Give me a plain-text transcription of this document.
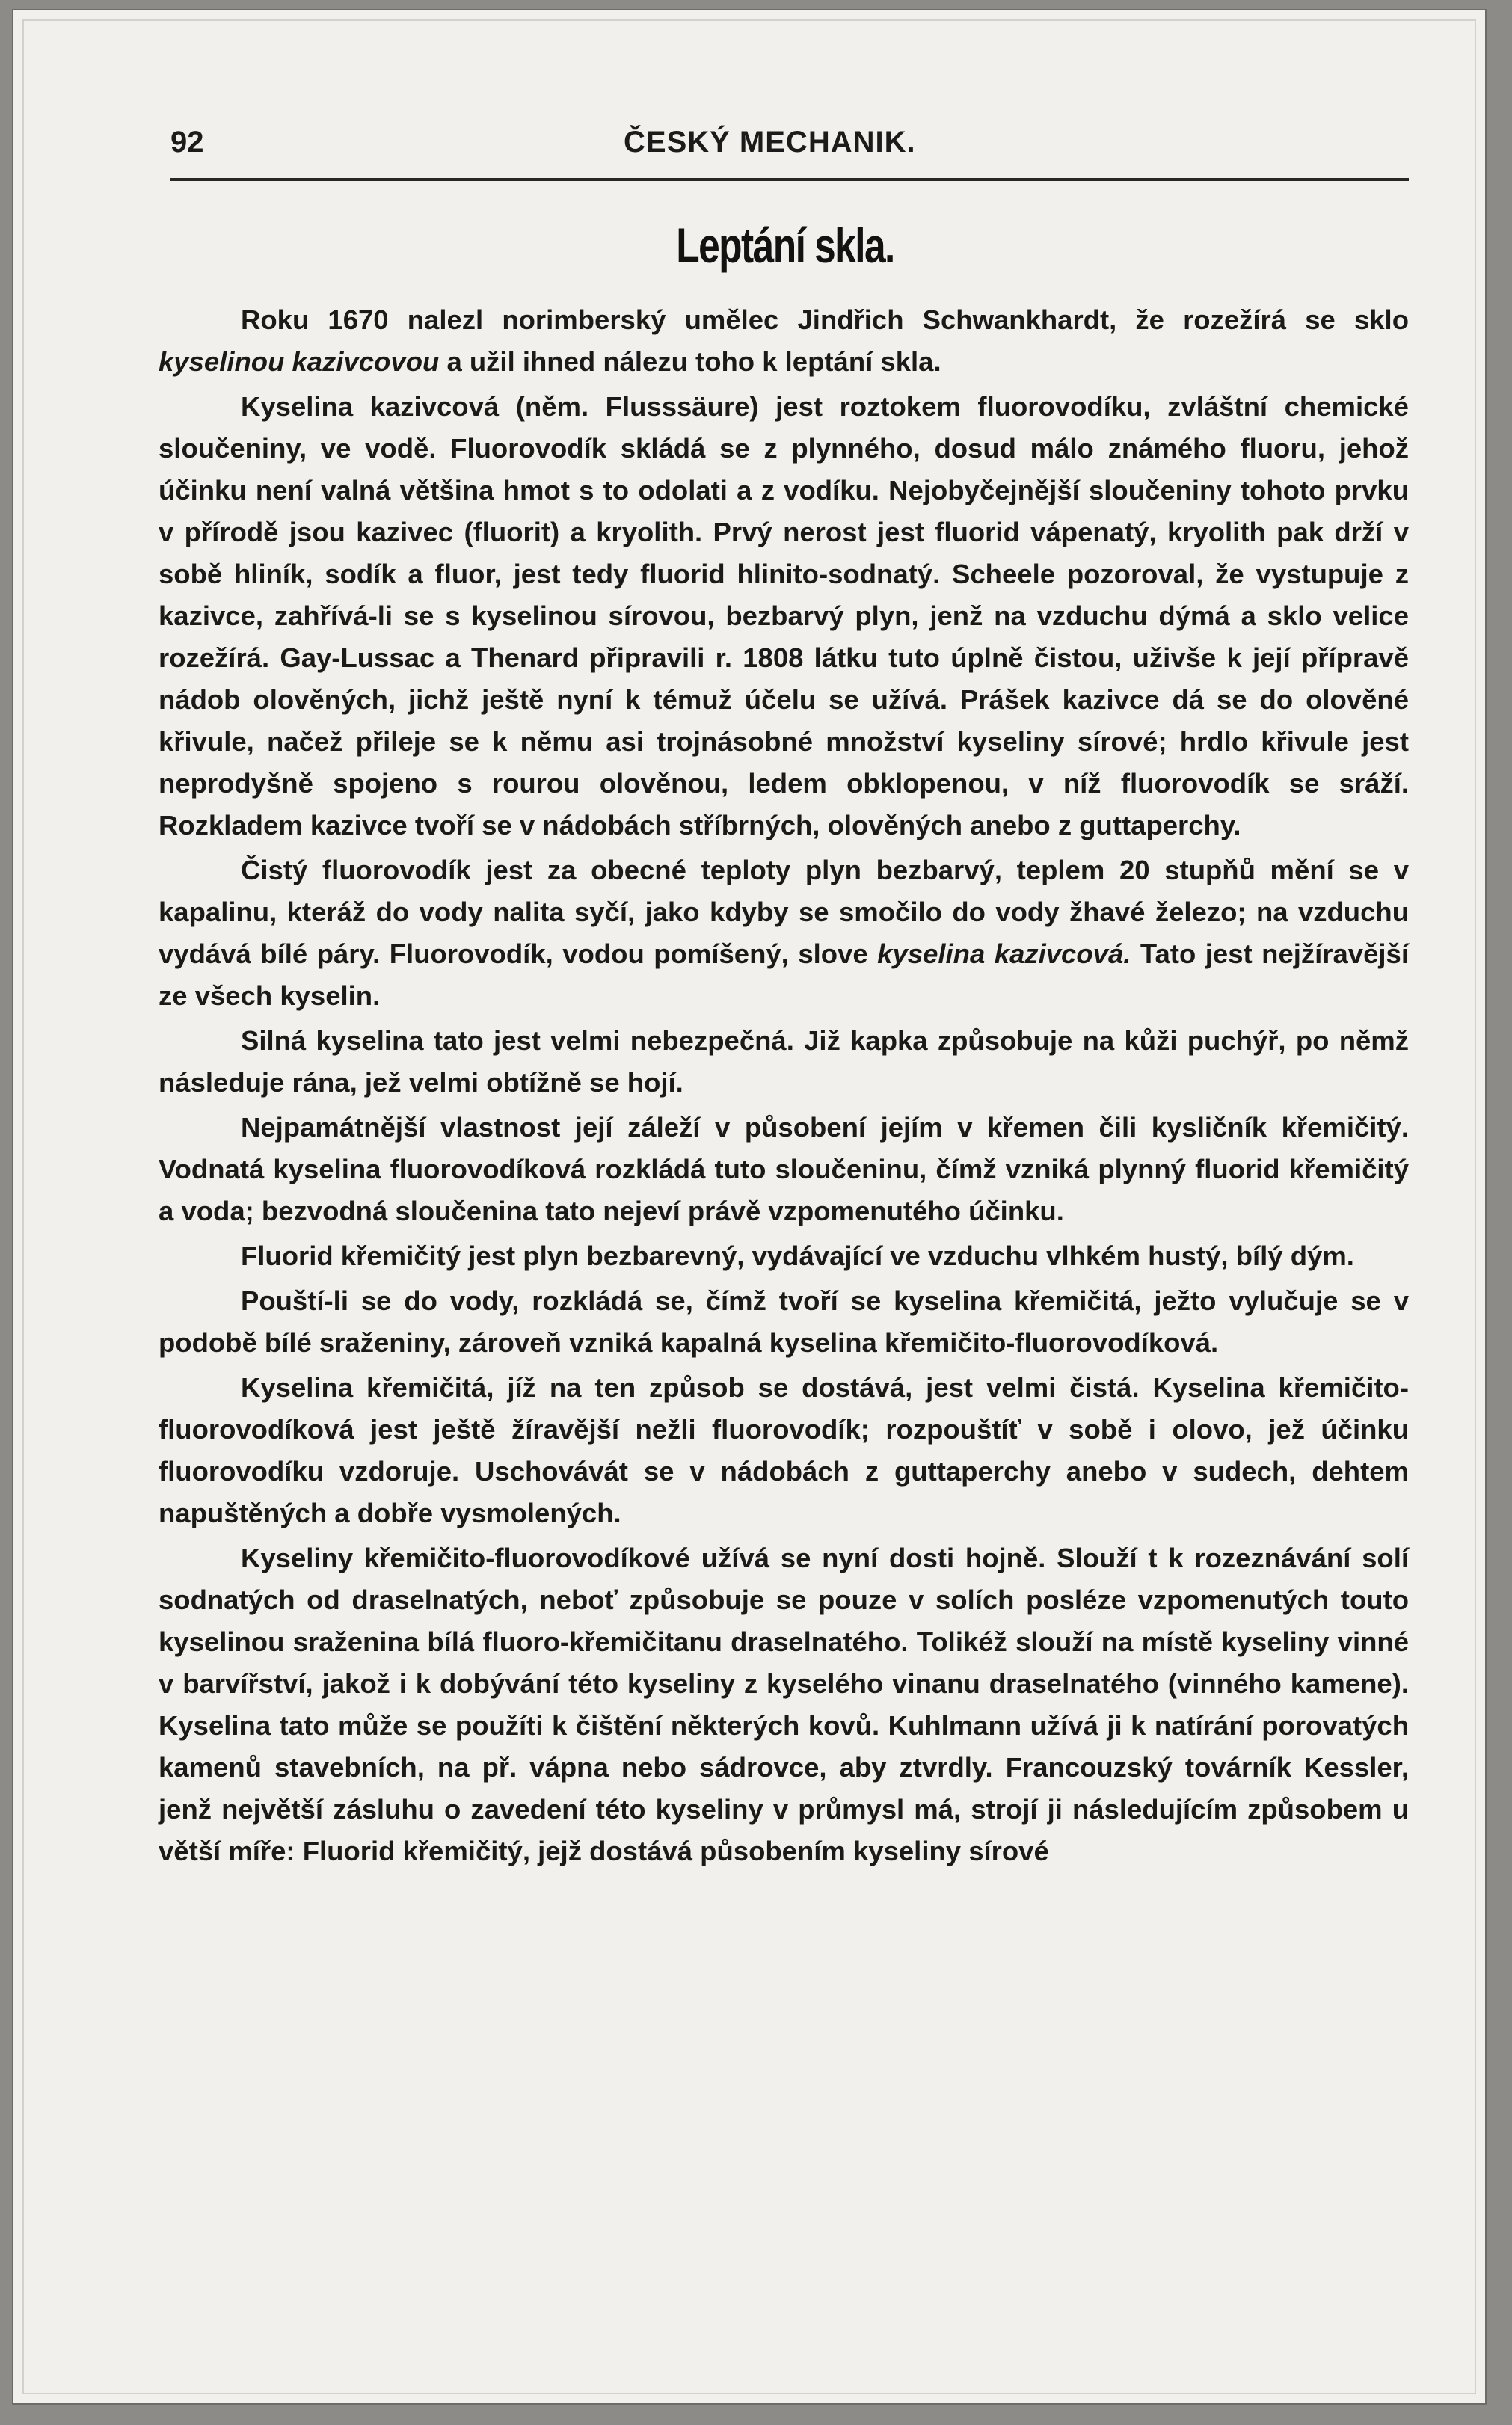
92	ČESKÝ MECHANIK.
Leptání skla.

Roku 1670 nalezl norimberský umělec Jindřich Schwankhardt, že rozežírá se sklo kyselinou kazivcovou a užil ihned nálezu toho k leptání skla.

Kyselina kazivcová (něm. Flusssäure) jest roztokem fluorovodíku, zvláštní chemické sloučeniny, ve vodě. Fluorovodík skládá se z plynného, dosud málo známého fluoru, jehož účinku není valná většina hmot s to odolati a z vodíku. Nejobyčejnější sloučeniny tohoto prvku v přírodě jsou kazivec (fluorit) a kryolith. Prvý nerost jest fluorid vápenatý, kryolith pak drží v sobě hliník, sodík a fluor, jest tedy fluorid hlinito-sodnatý. Scheele pozoroval, že vystupuje z kazivce, zahřívá-li se s kyselinou sírovou, bezbarvý plyn, jenž na vzduchu dýmá a sklo velice rozežírá. Gay-Lussac a Thenard připravili r. 1808 látku tuto úplně čistou, uživše k její přípravě nádob olověných, jichž ještě nyní k témuž účelu se užívá. Prášek kazivce dá se do olověné křivule, načež přileje se k němu asi trojnásobné množství kyseliny sírové; hrdlo křivule jest neprodyšně spojeno s rourou olověnou, ledem obklopenou, v níž fluorovodík se sráží. Rozkladem kazivce tvoří se v nádobách stříbrných, olověných anebo z guttaperchy.

Čistý fluorovodík jest za obecné teploty plyn bezbarvý, teplem 20 stupňů mění se v kapalinu, kteráž do vody nalita syčí, jako kdyby se smočilo do vody žhavé železo; na vzduchu vydává bílé páry. Fluorovodík, vodou pomíšený, slove kyselina kazivcová. Tato jest nejžíravější ze všech kyselin.

Silná kyselina tato jest velmi nebezpečná. Již kapka způsobuje na kůži puchýř, po němž následuje rána, jež velmi obtížně se hojí.

Nejpamátnější vlastnost její záleží v působení jejím v křemen čili kysličník křemičitý. Vodnatá kyselina fluorovodíková rozkládá tuto sloučeninu, čímž vzniká plynný fluorid křemičitý a voda; bezvodná sloučenina tato nejeví právě vzpomenutého účinku.

Fluorid křemičitý jest plyn bezbarevný, vydávající ve vzduchu vlhkém hustý, bílý dým.

Pouští-li se do vody, rozkládá se, čímž tvoří se kyselina křemičitá, ježto vylučuje se v podobě bílé sraženiny, zároveň vzniká kapalná kyselina křemičito-fluorovodíková.

Kyselina křemičitá, jíž na ten způsob se dostává, jest velmi čistá. Kyselina křemičito-fluorovodíková jest ještě žíravější nežli fluorovodík; rozpouštíť v sobě i olovo, jež účinku fluorovodíku vzdoruje. Uschovávát se v nádobách z guttaperchy anebo v sudech, dehtem napuštěných a dobře vysmolených.

Kyseliny křemičito-fluorovodíkové užívá se nyní dosti hojně. Slouží t k rozeznávání solí sodnatých od draselnatých, neboť způsobuje se pouze v solích posléze vzpomenutých touto kyselinou sraženina bílá fluoro-křemičitanu draselnatého. Tolikéž slouží na místě kyseliny vinné v barvířství, jakož i k dobývání této kyseliny z kyselého vinanu draselnatého (vinného kamene). Kyselina tato může se použíti k čištění některých kovů. Kuhlmann užívá ji k natírání porovatých kamenů stavebních, na př. vápna nebo sádrovce, aby ztvrdly. Francouzský továrník Kessler, jenž největší zásluhu o zavedení této kyseliny v průmysl má, strojí ji následujícím způsobem u větší míře: Fluorid křemičitý, jejž dostává působením kyseliny sírové
